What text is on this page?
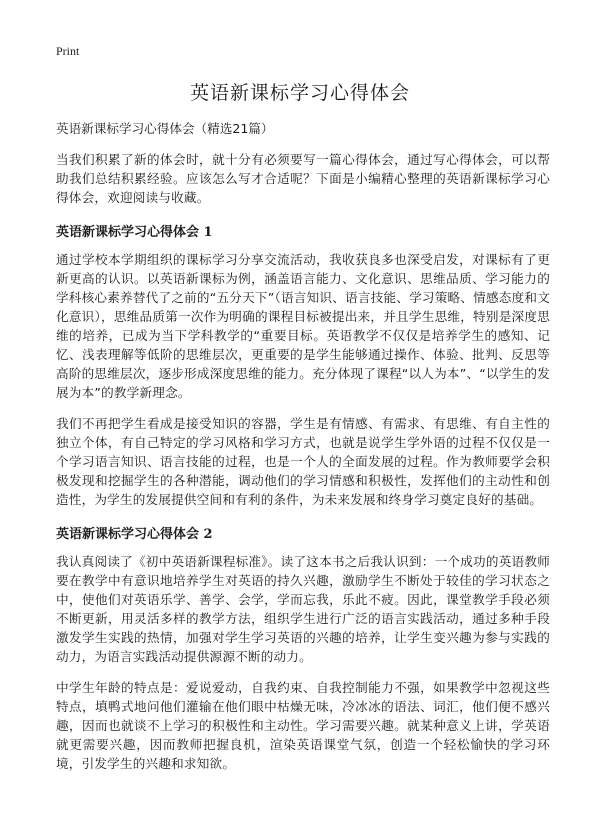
Print
英语新课标学习心得体会

英语新课标学习心得体会（精选21篇）

当我们积累了新的体会时，就十分有必须要写一篇心得体会，通过写心得体会，可以帮助我们总结积累经验。应该怎么写才合适呢？下面是小编精心整理的英语新课标学习心得体会，欢迎阅读与收藏。

英语新课标学习心得体会 1

通过学校本学期组织的课标学习分享交流活动，我收获良多也深受启发，对课标有了更新更高的认识。以英语新课标为例，涵盖语言能力、文化意识、思维品质、学习能力的学科核心素养替代了之前的“五分天下”（语言知识、语言技能、学习策略、情感态度和文化意识），思维品质第一次作为明确的课程目标被提出来，并且学生思维，特别是深度思维的培养，已成为当下学科教学的“重要目标。英语教学不仅仅是培养学生的感知、记忆、浅表理解等低阶的思维层次，更重要的是学生能够通过操作、体验、批判、反思等高阶的思维层次，逐步形成深度思维的能力。充分体现了课程“以人为本”、“以学生的发展为本”的教学新理念。

我们不再把学生看成是接受知识的容器，学生是有情感、有需求、有思维、有自主性的独立个体，有自己特定的学习风格和学习方式，也就是说学生学外语的过程不仅仅是一个学习语言知识、语言技能的过程，也是一个人的全面发展的过程。作为教师要学会积极发现和挖掘学生的各种潜能，调动他们的学习情感和积极性，发挥他们的主动性和创造性，为学生的发展提供空间和有利的条件，为未来发展和终身学习奠定良好的基础。

英语新课标学习心得体会 2

我认真阅读了《初中英语新课程标准》。读了这本书之后我认识到：一个成功的英语教师要在教学中有意识地培养学生对英语的持久兴趣，激励学生不断处于较佳的学习状态之中，使他们对英语乐学、善学、会学，学而忘我，乐此不疲。因此，课堂教学手段必须不断更新，用灵活多样的教学方法，组织学生进行广泛的语言实践活动，通过多种手段激发学生实践的热情，加强对学生学习英语的兴趣的培养，让学生变兴趣为参与实践的动力，为语言实践活动提供源源不断的动力。

中学生年龄的特点是：爱说爱动，自我约束、自我控制能力不强，如果教学中忽视这些特点，填鸭式地问他们灌输在他们眼中枯燥无味，冷冰冰的语法、词汇，他们便不感兴趣，因而也就谈不上学习的积极性和主动性。学习需要兴趣。就某种意义上讲，学英语就更需要兴趣，因而教师把握良机，渲染英语课堂气氛，创造一个轻松愉快的学习环境，引发学生的兴趣和求知欲。
